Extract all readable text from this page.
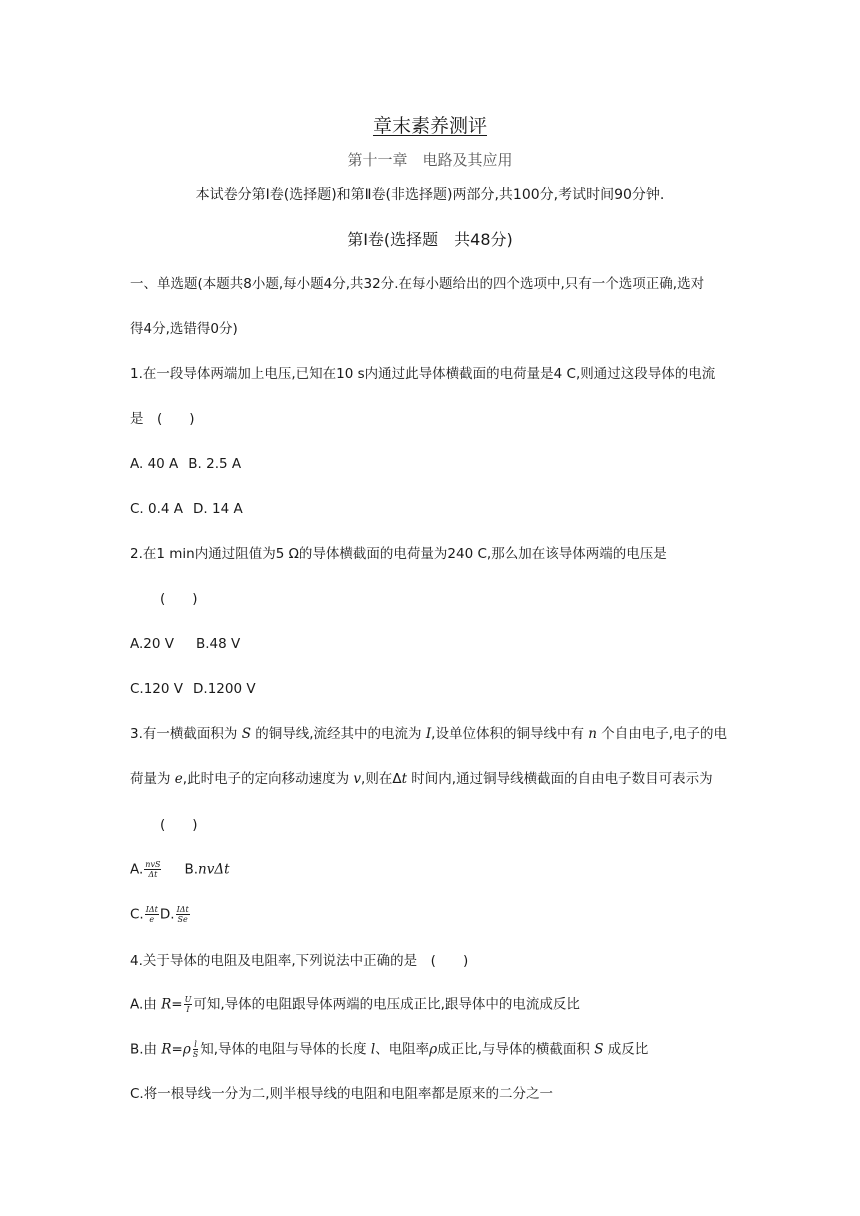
章末素养测评
第十一章　电路及其应用
本试卷分第Ⅰ卷(选择题)和第Ⅱ卷(非选择题)两部分,共100分,考试时间90分钟.
第Ⅰ卷(选择题　共48分)
一、单选题(本题共8小题,每小题4分,共32分.在每小题给出的四个选项中,只有一个选项正确,选对
得4分,选错得0分)
1.在一段导体两端加上电压,已知在10 s内通过此导体横截面的电荷量是4 C,则通过这段导体的电流
是　(　　)
A. 40 A B. 2.5 A
C. 0.4 A D. 14 A
2.在1 min内通过阻值为5 Ω的导体横截面的电荷量为240 C,那么加在该导体两端的电压是
(　　)
A.20 V B.48 V
C.120 V D.1200 V
3.有一横截面积为 S 的铜导线,流经其中的电流为 I,设单位体积的铜导线中有 n 个自由电子,电子的电
荷量为 e,此时电子的定向移动速度为 v,则在Δt 时间内,通过铜导线横截面的自由电子数目可表示为
(　　)
A. $\frac{\text{nvS}}{\Delta t} B.nv\Delta t$
C. $\frac{\text{IΔt}}{e} D$. $\frac{\text{IΔt}}{Se}$
4.关于导体的电阻及电阻率,下列说法中正确的是　(　　)
A.由 $R= \frac{U}{I}$ 可知,导体的电阻跟导体两端的电压成正比,跟导体中的电流成反比
B.由 $R=\rho \frac{l}{S}$ 知,导体的电阻与导体的长度 l、电阻率ρ成正比,与导体的横截面积 S 成反比
C.将一根导线一分为二,则半根导线的电阻和电阻率都是原来的二分之一
